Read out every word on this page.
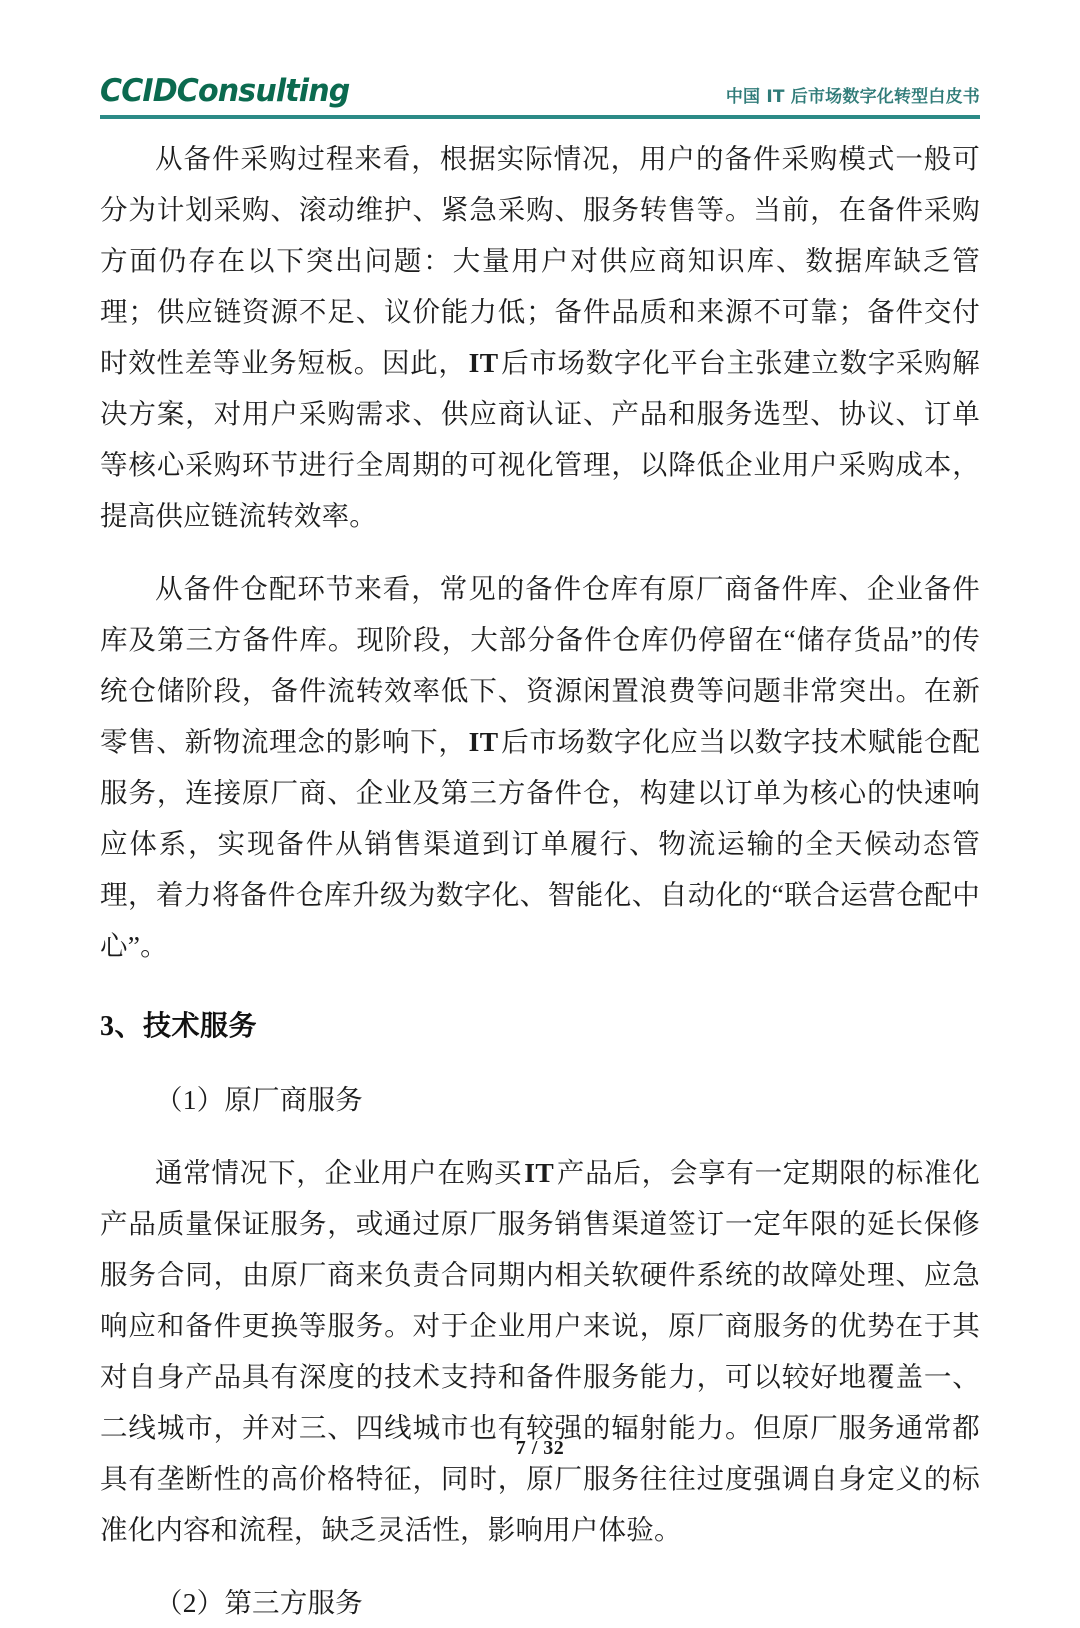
CCIDConsulting	中国 IT 后市场数字化转型白皮书

从备件采购过程来看，根据实际情况，用户的备件采购模式一般可分为计划采购、滚动维护、紧急采购、服务转售等。当前，在备件采购方面仍存在以下突出问题：大量用户对供应商知识库、数据库缺乏管理；供应链资源不足、议价能力低；备件品质和来源不可靠；备件交付时效性差等业务短板。因此，IT后市场数字化平台主张建立数字采购解决方案，对用户采购需求、供应商认证、产品和服务选型、协议、订单等核心采购环节进行全周期的可视化管理，以降低企业用户采购成本，提高供应链流转效率。

从备件仓配环节来看，常见的备件仓库有原厂商备件库、企业备件库及第三方备件库。现阶段，大部分备件仓库仍停留在“储存货品”的传统仓储阶段，备件流转效率低下、资源闲置浪费等问题非常突出。在新零售、新物流理念的影响下，IT后市场数字化应当以数字技术赋能仓配服务，连接原厂商、企业及第三方备件仓，构建以订单为核心的快速响应体系，实现备件从销售渠道到订单履行、物流运输的全天候动态管理，着力将备件仓库升级为数字化、智能化、自动化的“联合运营仓配中心”。

3、技术服务

（1）原厂商服务

通常情况下，企业用户在购买IT产品后，会享有一定期限的标准化产品质量保证服务，或通过原厂服务销售渠道签订一定年限的延长保修服务合同，由原厂商来负责合同期内相关软硬件系统的故障处理、应急响应和备件更换等服务。对于企业用户来说，原厂商服务的优势在于其对自身产品具有深度的技术支持和备件服务能力，可以较好地覆盖一、二线城市，并对三、四线城市也有较强的辐射能力。但原厂服务通常都具有垄断性的高价格特征，同时，原厂服务往往过度强调自身定义的标准化内容和流程，缺乏灵活性，影响用户体验。

（2）第三方服务

7 / 32
